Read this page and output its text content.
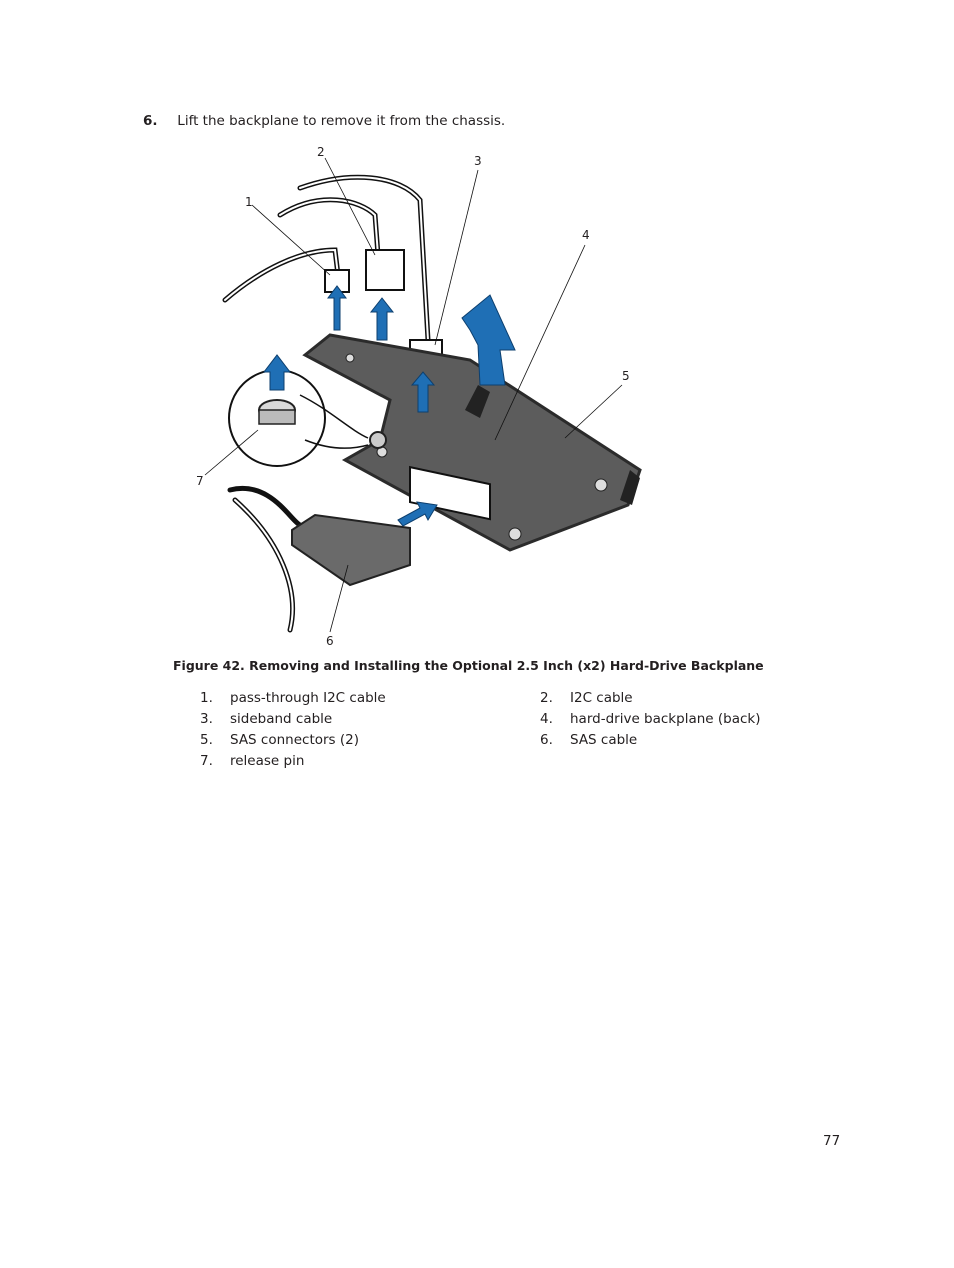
6. Lift the backplane to remove it from the chassis.
1
2
3
4
5
6
7
Figure 42. Removing and Installing the Optional 2.5 Inch (x2) Hard-Drive Backplane
1. pass-through I2C cable	2. I2C cable
3. sideband cable	4. hard-drive backplane (back)
5. SAS connectors (2)	6. SAS cable
7. release pin
77
